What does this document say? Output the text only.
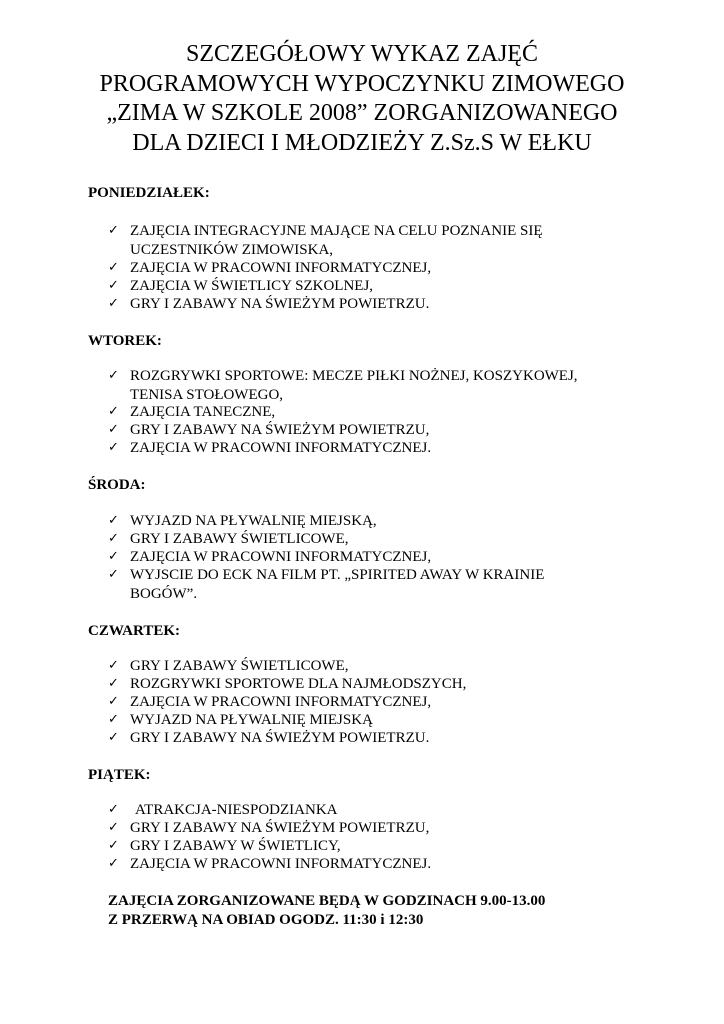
SZCZEGÓŁOWY WYKAZ ZAJĘĆ
PROGRAMOWYCH WYPOCZYNKU ZIMOWEGO
„ZIMA W SZKOLE 2008” ZORGANIZOWANEGO
DLA DZIECI I MŁODZIEŻY Z.Sz.S W EŁKU
PONIEDZIAŁEK:
✓ ZAJĘCIA INTEGRACYJNE MAJĄCE NA CELU POZNANIE SIĘ
UCZESTNIKÓW ZIMOWISKA,
✓ ZAJĘCIA W PRACOWNI INFORMATYCZNEJ,
✓ ZAJĘCIA W ŚWIETLICY SZKOLNEJ,
✓ GRY I ZABAWY NA ŚWIEŻYM POWIETRZU.
WTOREK:
✓ ROZGRYWKI SPORTOWE: MECZE PIŁKI NOŻNEJ, KOSZYKOWEJ,
TENISA STOŁOWEGO,
✓ ZAJĘCIA TANECZNE,
✓ GRY I ZABAWY NA ŚWIEŻYM POWIETRZU,
✓ ZAJĘCIA W PRACOWNI INFORMATYCZNEJ.
ŚRODA:
✓ WYJAZD NA PŁYWALNIĘ MIEJSKĄ,
✓ GRY I ZABAWY ŚWIETLICOWE,
✓ ZAJĘCIA W PRACOWNI INFORMATYCZNEJ,
✓ WYJSCIE DO ECK NA FILM PT. „SPIRITED AWAY W KRAINIE
BOGÓW”.
CZWARTEK:
✓ GRY I ZABAWY ŚWIETLICOWE,
✓ ROZGRYWKI SPORTOWE DLA NAJMŁODSZYCH,
✓ ZAJĘCIA W PRACOWNI INFORMATYCZNEJ,
✓ WYJAZD NA PŁYWALNIĘ MIEJSKĄ
✓ GRY I ZABAWY NA ŚWIEŻYM POWIETRZU.
PIĄTEK:
✓ ATRAKCJA-NIESPODZIANKA
✓ GRY I ZABAWY NA ŚWIEŻYM POWIETRZU,
✓ GRY I ZABAWY W ŚWIETLICY,
✓ ZAJĘCIA W PRACOWNI INFORMATYCZNEJ.
ZAJĘCIA ZORGANIZOWANE BĘDĄ W GODZINACH 9.00-13.00
Z PRZERWĄ NA OBIAD OGODZ. 11:30 i 12:30
